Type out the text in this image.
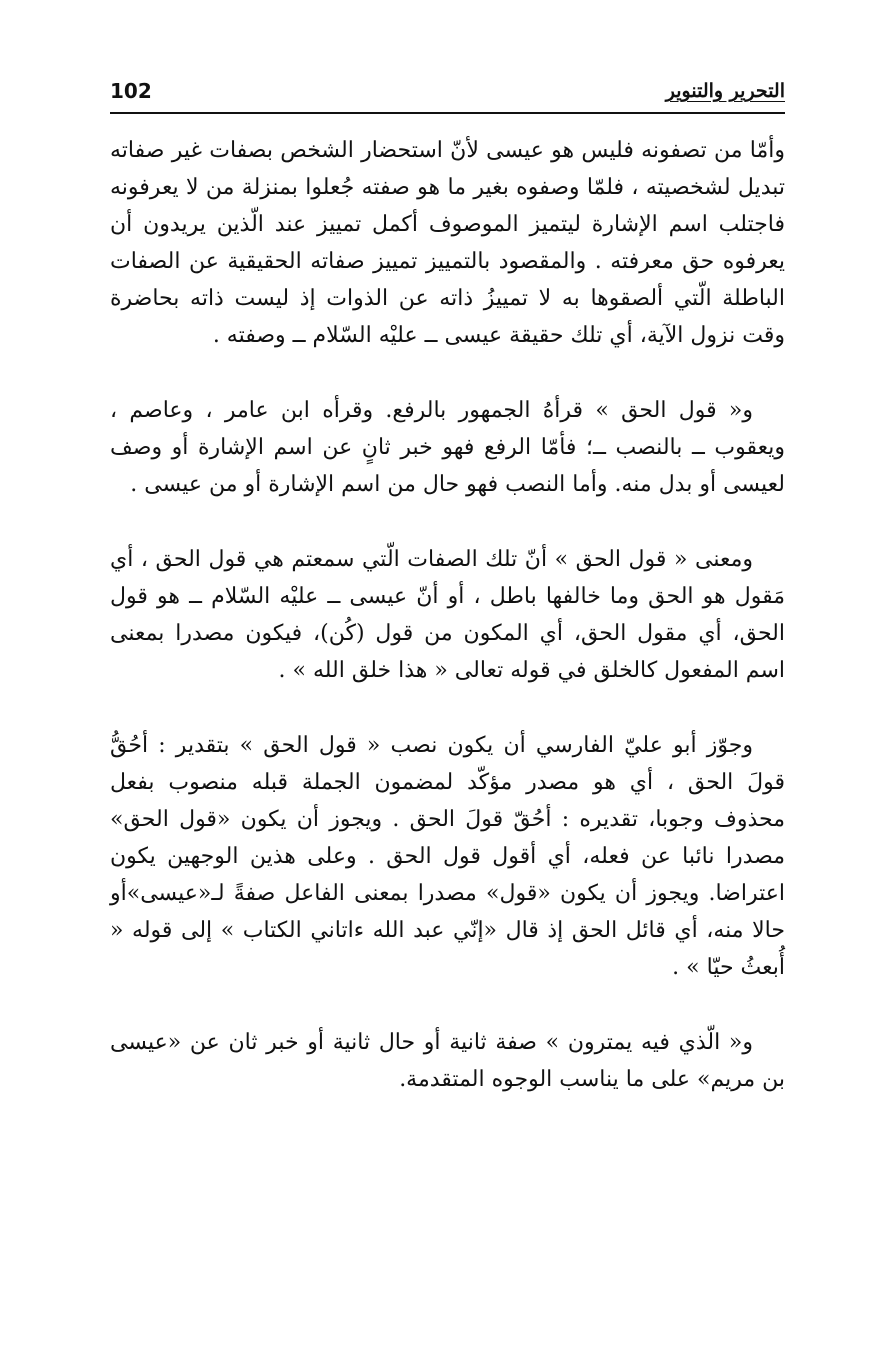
102	التحرير والتنوير

وأمّا من تصفونه فليس هو عيسى لأنّ استحضار الشخص بصفات غير صفاته تبديل لشخصيته ، فلمّا وصفوه بغير ما هو صفته جُعلوا بمنزلة من لا يعرفونه فاجتلب اسم الإشارة ليتميز الموصوف أكمل تمييز عند الّذين يريدون أن يعرفوه حق معرفته . والمقصود بالتمييز تمييز صفاته الحقيقية عن الصفات الباطلة الّتي ألصقوها به لا تمييزُ ذاته عن الذوات إذ ليست ذاته بحاضرة وقت نزول الآية، أي تلك حقيقة عيسى ــ عليْه السّلام ــ وصفته .

و« قول الحق » قرأهُ الجمهور بالرفع. وقرأه ابن عامر ، وعاصم ، ويعقوب ــ بالنصب ــ؛ فأمّا الرفع فهو خبر ثانٍ عن اسم الإشارة أو وصف لعيسى أو بدل منه. وأما النصب فهو حال من اسم الإشارة أو من عيسى .

ومعنى « قول الحق » أنّ تلك الصفات الّتي سمعتم هي قول الحق ، أي مَقول هو الحق وما خالفها باطل ، أو أنّ عيسى ــ عليْه السّلام ــ هو قول الحق، أي مقول الحق، أي المكون من قول (كُن)، فيكون مصدرا بمعنى اسم المفعول كالخلق في قوله تعالى « هذا خلق الله » .

وجوّز أبو عليّ الفارسي أن يكون نصب « قول الحق » بتقدير : أحُقُّ قولَ الحق ، أي هو مصدر مؤكّد لمضمون الجملة قبله منصوب بفعل محذوف وجوبا، تقديره : أحُقّ قولَ الحق . ويجوز أن يكون «قول الحق» مصدرا نائبا عن فعله، أي أقول قول الحق . وعلى هذين الوجهين يكون اعتراضا. ويجوز أن يكون «قول» مصدرا بمعنى الفاعل صفةً لـ«عيسى»أو حالا منه، أي قائل الحق إذ قال «إنّي عبد الله ءاتاني الكتاب » إلى قوله « أُبعثُ حيّا » .

و« الّذي فيه يمترون » صفة ثانية أو حال ثانية أو خبر ثان عن «عيسى بن مريم» على ما يناسب الوجوه المتقدمة.
